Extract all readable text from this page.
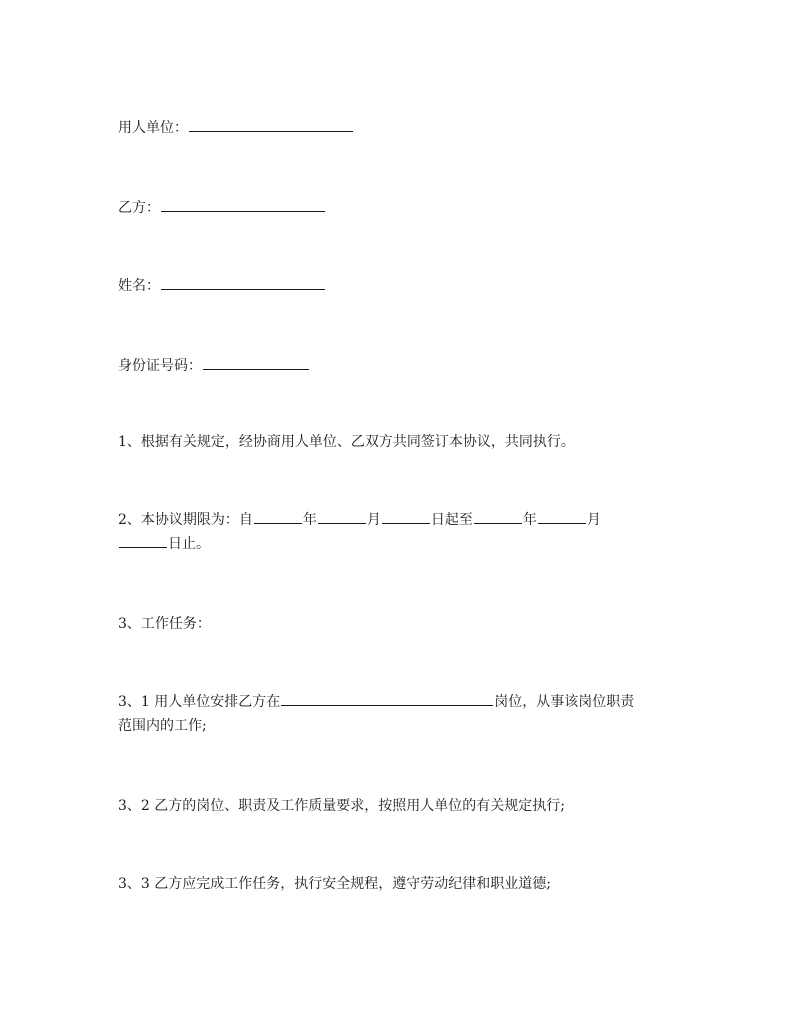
用人单位：
乙方：
姓名：
身份证号码：
1、根据有关规定，经协商用人单位、乙双方共同签订本协议，共同执行。
2、本协议期限为：自	年	月	日起至	年	月
日止。
3、工作任务：
3、1 用人单位安排乙方在	岗位，从事该岗位职责
范围内的工作;
3、2 乙方的岗位、职责及工作质量要求，按照用人单位的有关规定执行;
3、3 乙方应完成工作任务，执行安全规程，遵守劳动纪律和职业道德;
